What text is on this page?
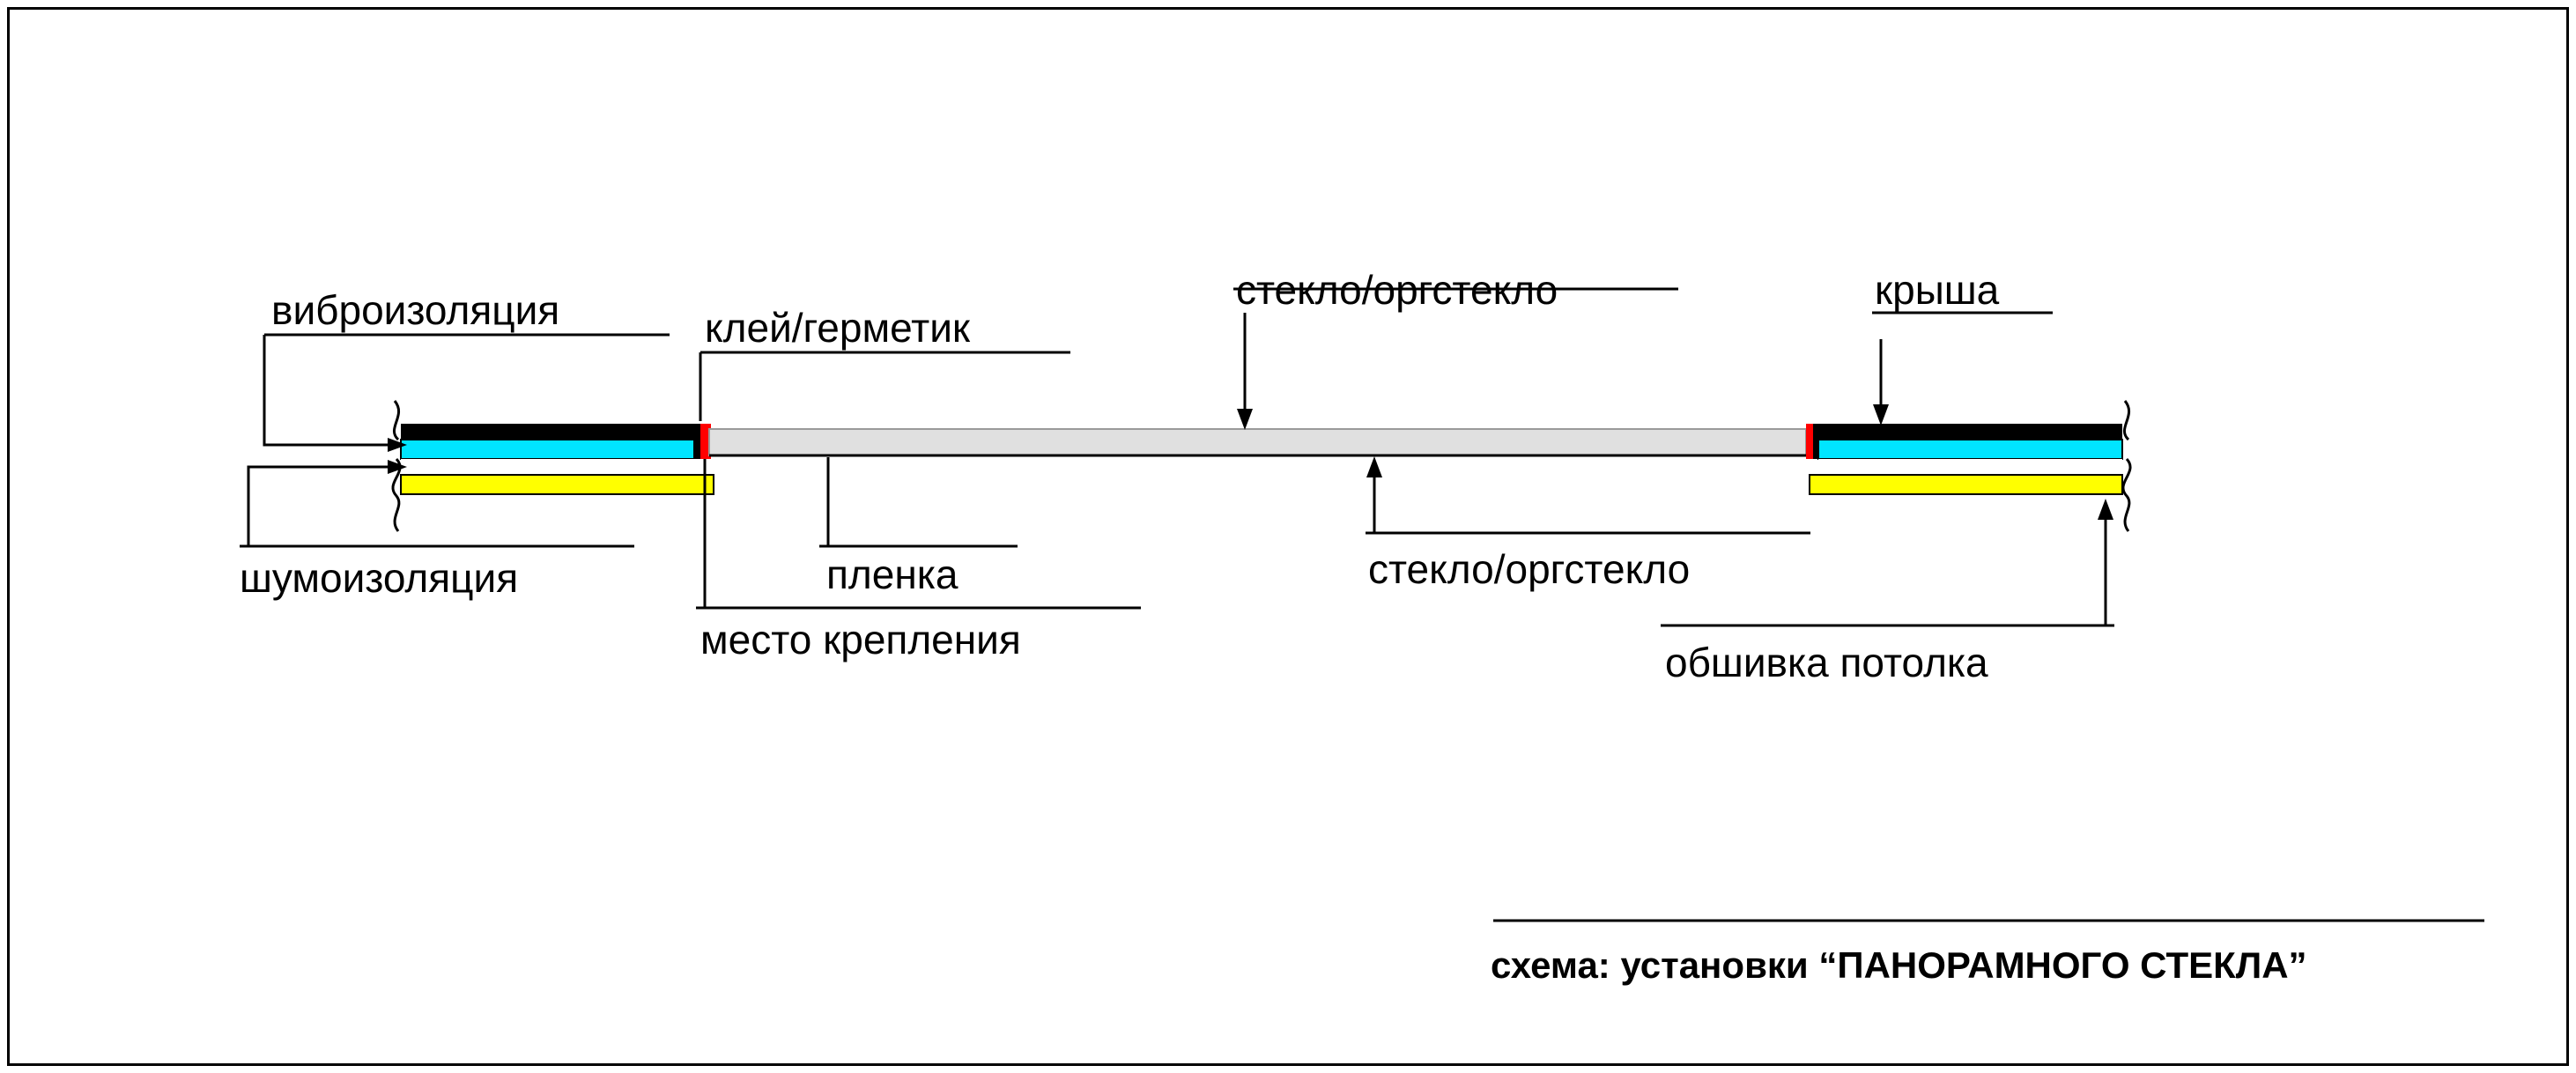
виброизоляция
шумоизоляция
клей/герметик
пленка
место крепления
стекло/оргстекло
стекло/оргстекло
крыша
обшивка потолка
схема: установки “ПАНОРАМНОГО СТЕКЛА”
